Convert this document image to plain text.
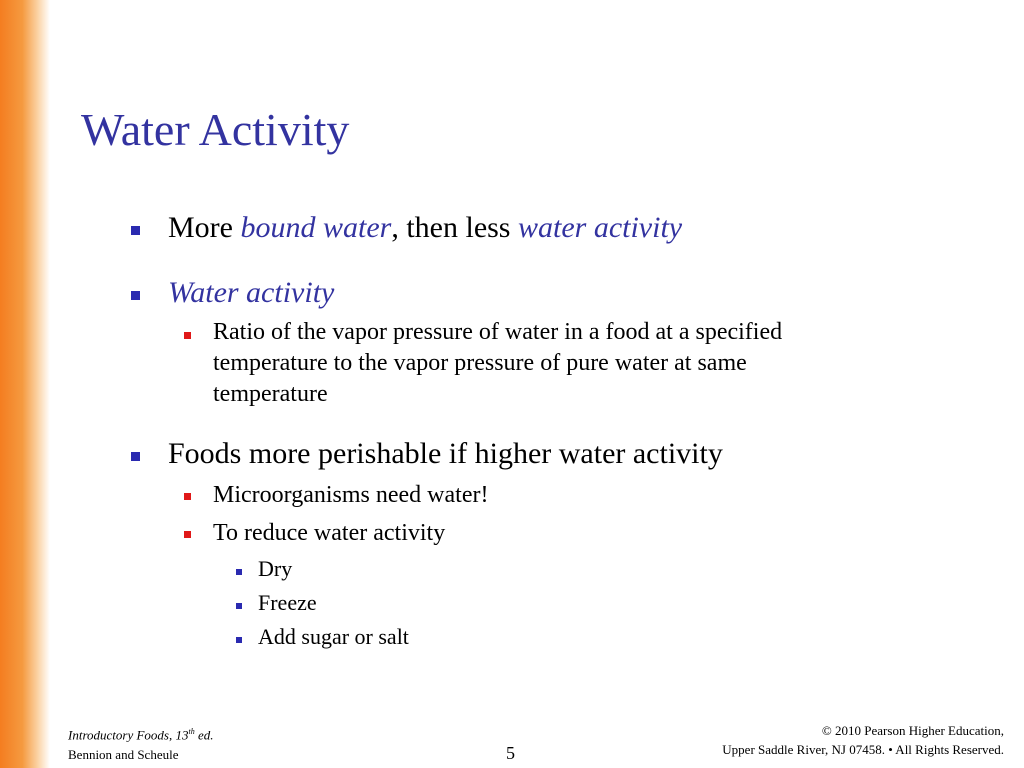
Water Activity
More bound water, then less water activity
Water activity
Ratio of the vapor pressure of water in a food at a specified
temperature to the vapor pressure of pure water at same
temperature
Foods more perishable if higher water activity
Microorganisms need water!
To reduce water activity
Dry
Freeze
Add sugar or salt
Introductory Foods, 13th ed.
Bennion and Scheule	5
© 2010 Pearson Higher Education,
Upper Saddle River, NJ 07458. • All Rights Reserved.
